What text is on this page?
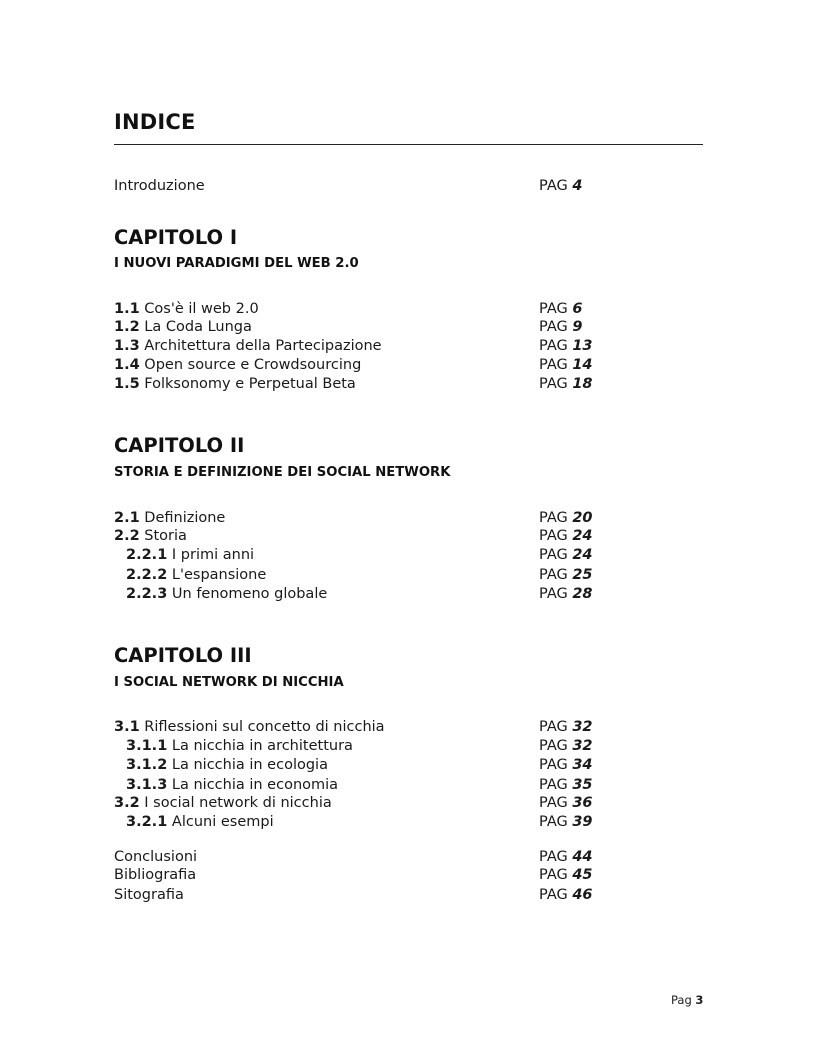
INDICE
Introduzione	PAG 4
CAPITOLO I
I NUOVI PARADIGMI DEL WEB 2.0
1.1 Cos'è il web 2.0	PAG 6
1.2 La Coda Lunga	PAG 9
1.3 Architettura della Partecipazione	PAG 13
1.4 Open source e Crowdsourcing	PAG 14
1.5 Folksonomy e Perpetual Beta	PAG 18
CAPITOLO II
STORIA E DEFINIZIONE DEI SOCIAL NETWORK
2.1 Definizione	PAG 20
2.2 Storia	PAG 24
2.2.1 I primi anni	PAG 24
2.2.2 L'espansione	PAG 25
2.2.3 Un fenomeno globale	PAG 28
CAPITOLO III
I SOCIAL NETWORK DI NICCHIA
3.1 Riflessioni sul concetto di nicchia	PAG 32
3.1.1 La nicchia in architettura	PAG 32
3.1.2 La nicchia in ecologia	PAG 34
3.1.3 La nicchia in economia	PAG 35
3.2 I social network di nicchia	PAG 36
3.2.1 Alcuni esempi	PAG 39
Conclusioni	PAG 44
Bibliografia	PAG 45
Sitografia	PAG 46
Pag 3
